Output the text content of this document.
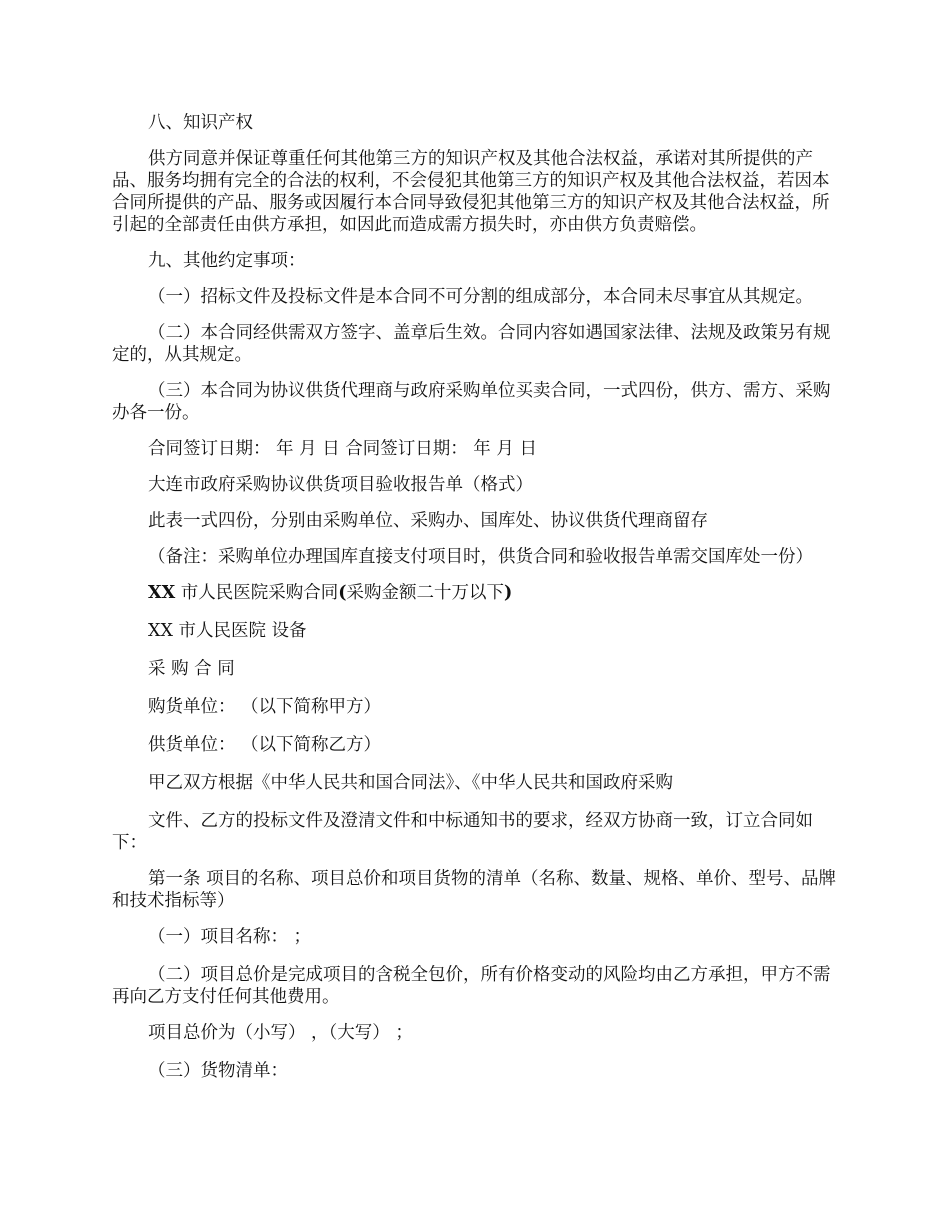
八、知识产权

供方同意并保证尊重任何其他第三方的知识产权及其他合法权益，承诺对其所提供的产品、服务均拥有完全的合法的权利，不会侵犯其他第三方的知识产权及其他合法权益，若因本合同所提供的产品、服务或因履行本合同导致侵犯其他第三方的知识产权及其他合法权益，所引起的全部责任由供方承担，如因此而造成需方损失时，亦由供方负责赔偿。

九、其他约定事项：

（一）招标文件及投标文件是本合同不可分割的组成部分，本合同未尽事宜从其规定。

（二）本合同经供需双方签字、盖章后生效。合同内容如遇国家法律、法规及政策另有规定的，从其规定。

（三）本合同为协议供货代理商与政府采购单位买卖合同，一式四份，供方、需方、采购办各一份。

合同签订日期： 年 月 日 合同签订日期： 年 月 日

大连市政府采购协议供货项目验收报告单（格式）

此表一式四份，分别由采购单位、采购办、国库处、协议供货代理商留存

（备注：采购单位办理国库直接支付项目时，供货合同和验收报告单需交国库处一份）

XX 市人民医院采购合同(采购金额二十万以下)

XX 市人民医院 设备

采 购 合 同

购货单位： （以下简称甲方）

供货单位： （以下简称乙方）

甲乙双方根据《中华人民共和国合同法》、《中华人民共和国政府采购

文件、乙方的投标文件及澄清文件和中标通知书的要求，经双方协商一致，订立合同如下：

第一条 项目的名称、项目总价和项目货物的清单（名称、数量、规格、单价、型号、品牌和技术指标等）

（一）项目名称： ；

（二）项目总价是完成项目的含税全包价，所有价格变动的风险均由乙方承担，甲方不需再向乙方支付任何其他费用。

项目总价为（小写） ，（大写） ；

（三）货物清单：
